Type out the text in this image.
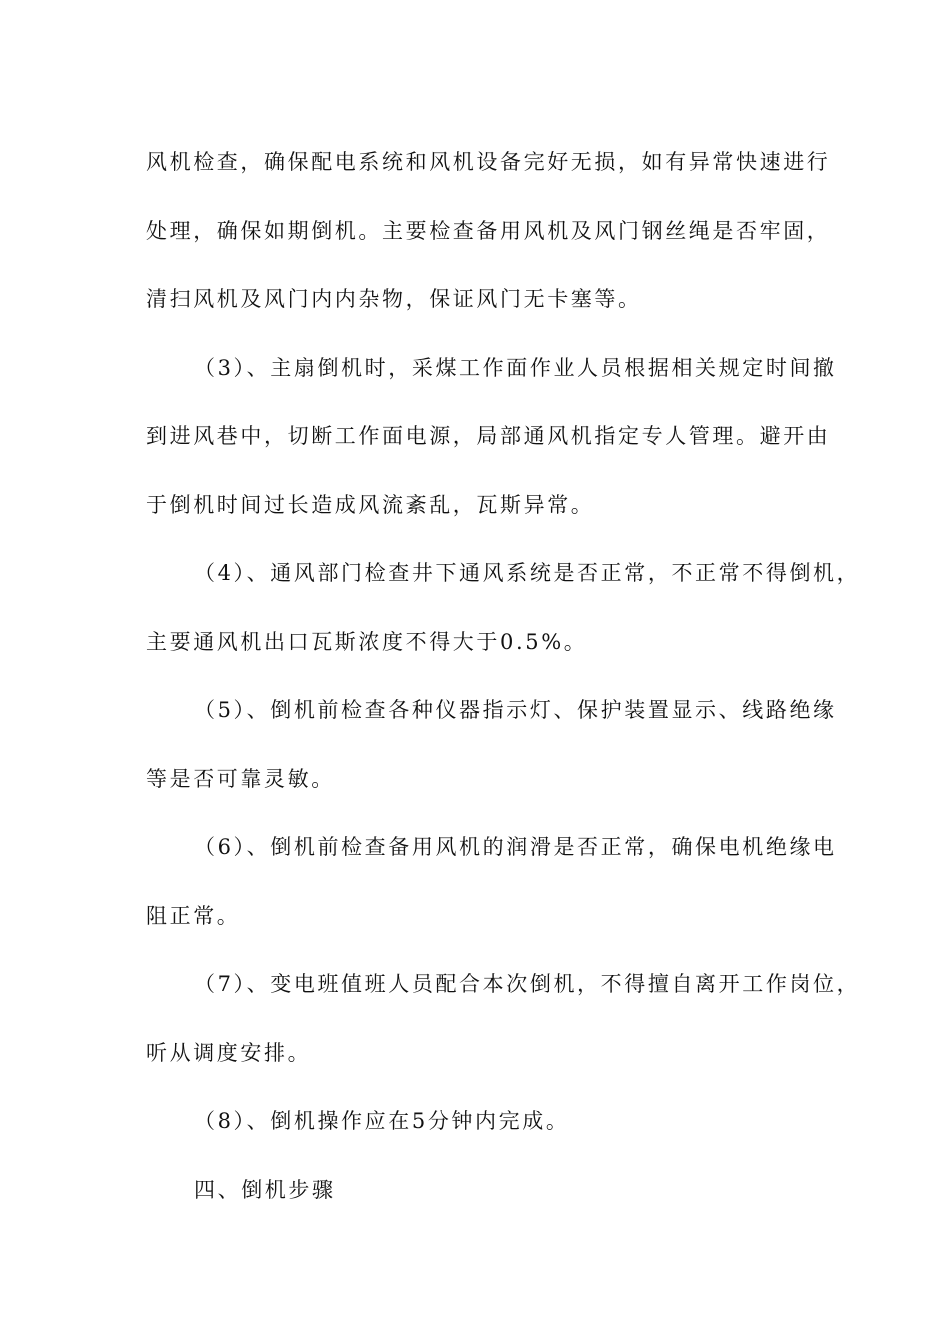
风机检查，确保配电系统和风机设备完好无损，如有异常快速进行
处理，确保如期倒机。主要检查备用风机及风门钢丝绳是否牢固，
清扫风机及风门内内杂物，保证风门无卡塞等。
（3）、主扇倒机时，采煤工作面作业人员根据相关规定时间撤
到进风巷中，切断工作面电源，局部通风机指定专人管理。避开由
于倒机时间过长造成风流紊乱，瓦斯异常。
（4）、通风部门检查井下通风系统是否正常，不正常不得倒机，
主要通风机出口瓦斯浓度不得大于0.5%。
（5）、倒机前检查各种仪器指示灯、保护装置显示、线路绝缘
等是否可靠灵敏。
（6）、倒机前检查备用风机的润滑是否正常，确保电机绝缘电
阻正常。
（7）、变电班值班人员配合本次倒机，不得擅自离开工作岗位，
听从调度安排。
（8）、倒机操作应在5分钟内完成。
四、倒机步骤
